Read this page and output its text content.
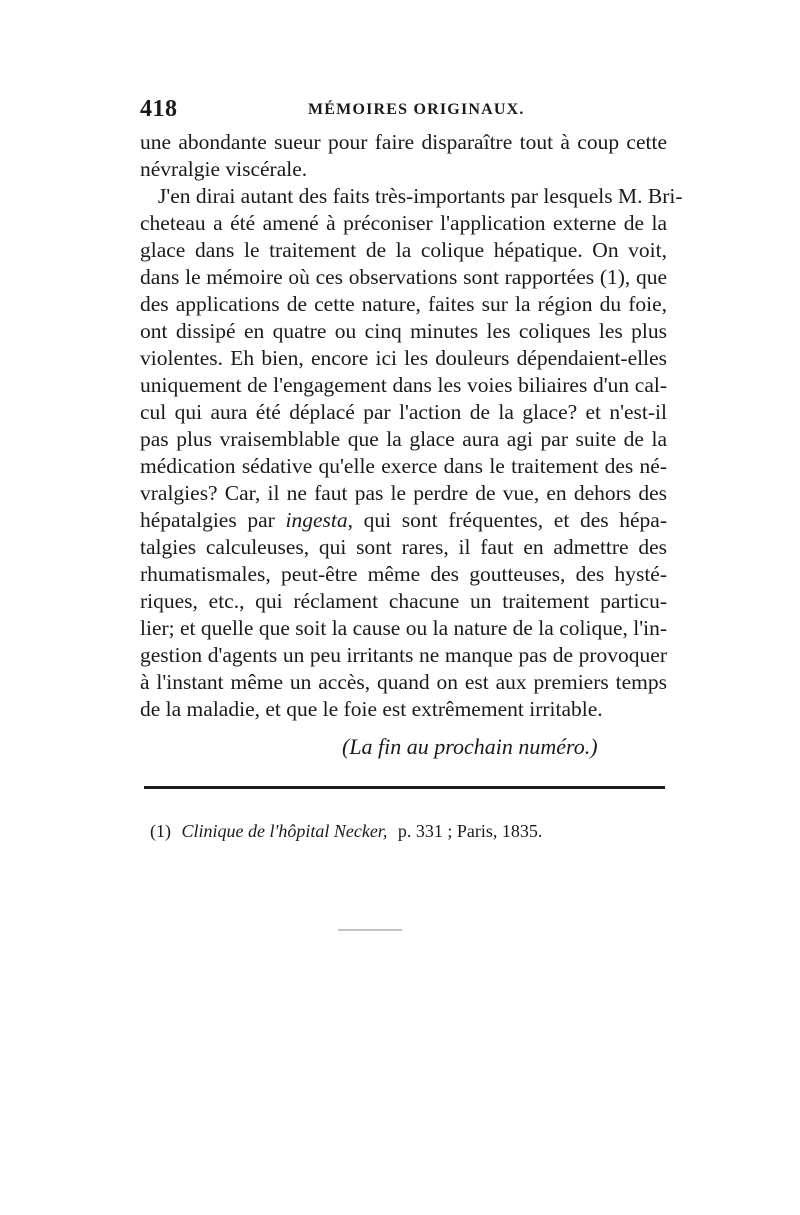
418	MÉMOIRES ORIGINAUX.
une abondante sueur pour faire disparaître tout à coup cette
névralgie viscérale.
J'en dirai autant des faits très-importants par lesquels M. Bri-
cheteau a été amené à préconiser l'application externe de la
glace dans le traitement de la colique hépatique. On voit,
dans le mémoire où ces observations sont rapportées (1), que
des applications de cette nature, faites sur la région du foie,
ont dissipé en quatre ou cinq minutes les coliques les plus
violentes. Eh bien, encore ici les douleurs dépendaient-elles
uniquement de l'engagement dans les voies biliaires d'un cal-
cul qui aura été déplacé par l'action de la glace? et n'est-il
pas plus vraisemblable que la glace aura agi par suite de la
médication sédative qu'elle exerce dans le traitement des né-
vralgies? Car, il ne faut pas le perdre de vue, en dehors des
hépatalgies par ingesta, qui sont fréquentes, et des hépa-
talgies calculeuses, qui sont rares, il faut en admettre des
rhumatismales, peut-être même des goutteuses, des hysté-
riques, etc., qui réclament chacune un traitement particu-
lier; et quelle que soit la cause ou la nature de la colique, l'in-
gestion d'agents un peu irritants ne manque pas de provoquer
à l'instant même un accès, quand on est aux premiers temps
de la maladie, et que le foie est extrêmement irritable.
(La fin au prochain numéro.)
(1) Clinique de l'hôpital Necker, p. 331 ; Paris, 1835.
